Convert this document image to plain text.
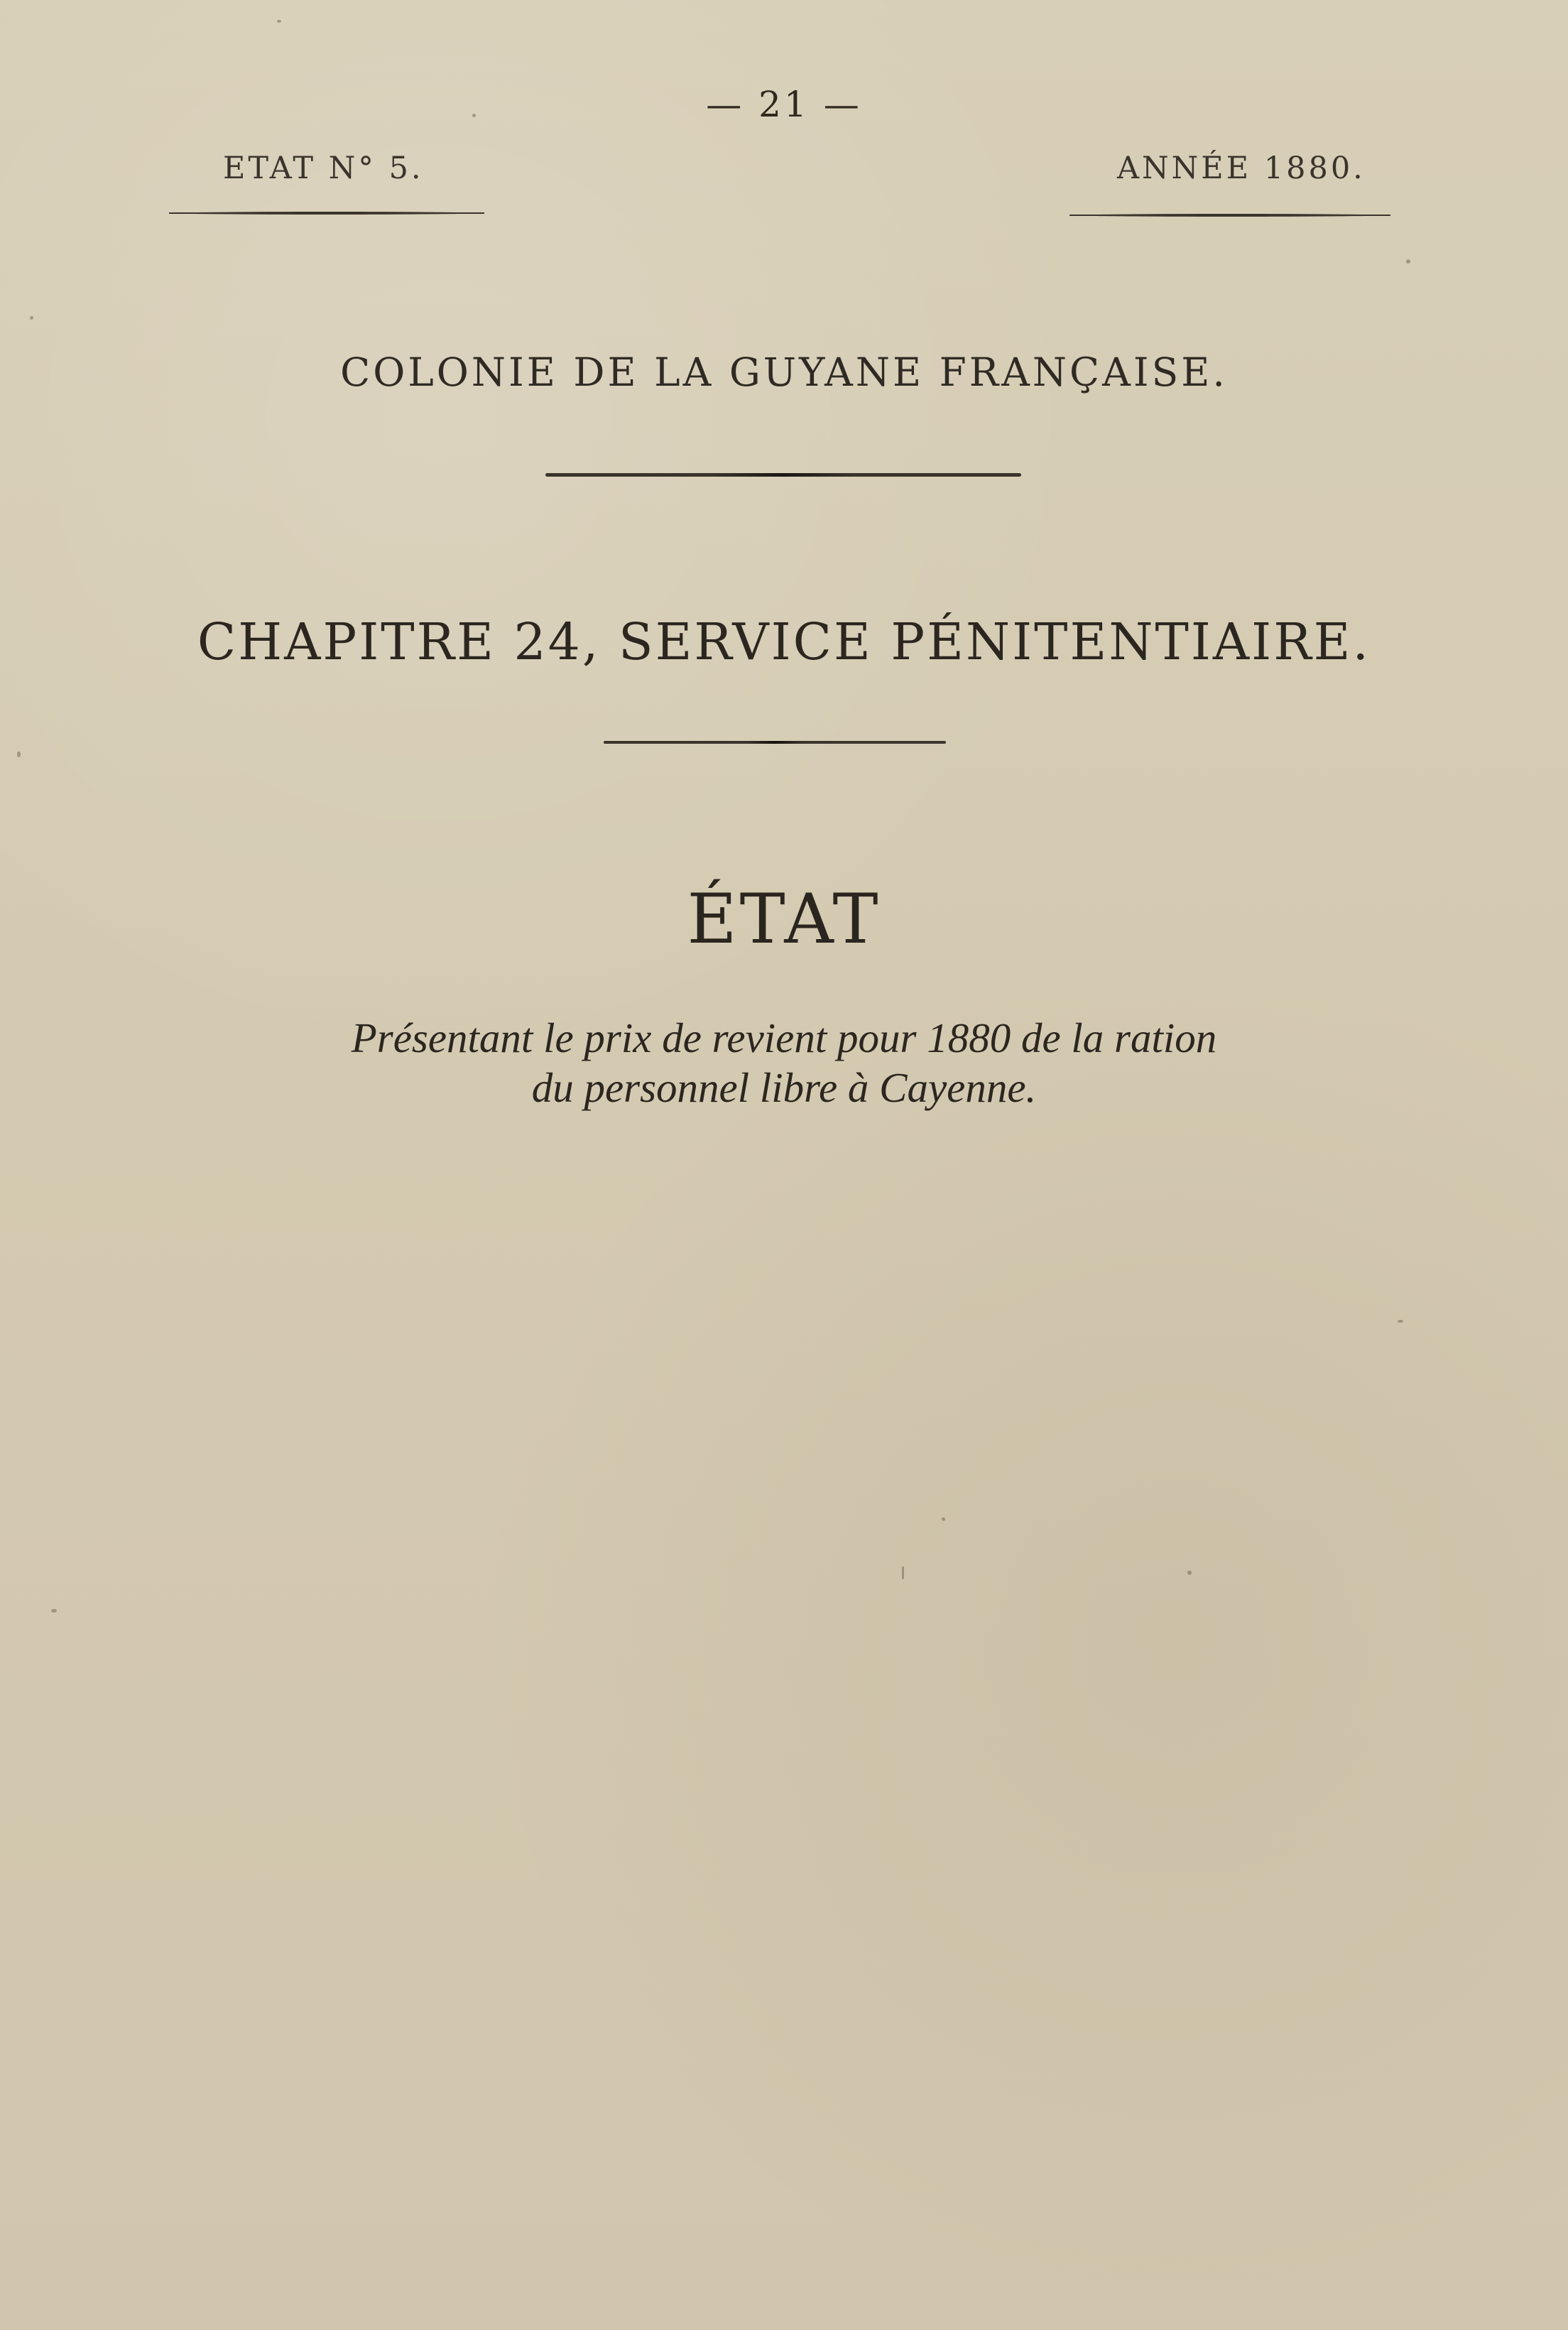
— 21 —
ETAT N° 5.	ANNÉE 1880.
COLONIE DE LA GUYANE FRANÇAISE.
CHAPITRE 24, SERVICE PÉNITENTIAIRE.
ÉTAT
Présentant le prix de revient pour 1880 de la ration
du personnel libre à Cayenne.
